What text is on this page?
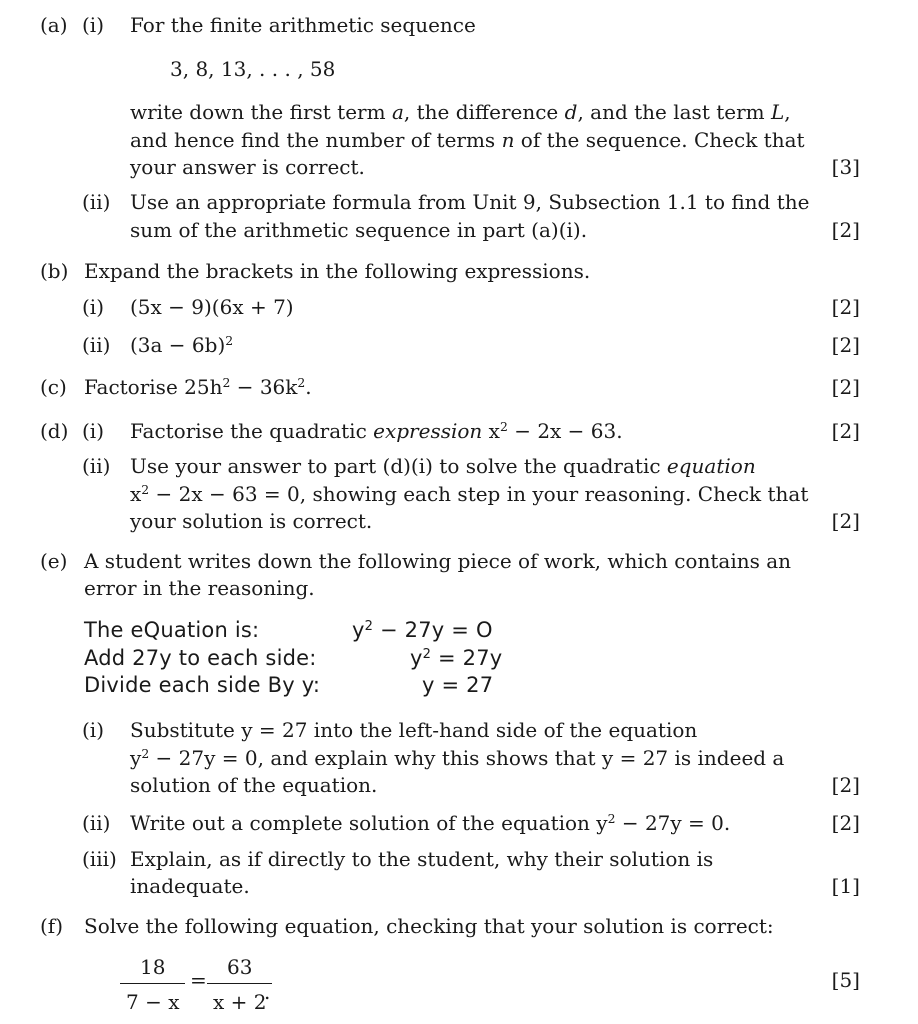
(a) (i) For the finite arithmetic sequence
3, 8, 13, . . . , 58
write down the first term a, the difference d, and the last term L,
and hence find the number of terms n of the sequence. Check that
your answer is correct.	[3]
(ii) Use an appropriate formula from Unit 9, Subsection 1.1 to find the
sum of the arithmetic sequence in part (a)(i).	[2]
(b) Expand the brackets in the following expressions.
(i) (5x − 9)(6x + 7)	[2]
(ii) $(3a - 6b)^2$	[2]
(c) Factorise $25h^2 - 36k^2$.	[2]
(d) (i) Factorise the quadratic expression $x^2 - 2x - 63$.	[2]
(ii) Use your answer to part (d)(i) to solve the quadratic equation
$x^2 - 2x - 63 = 0$, showing each step in your reasoning. Check that
your solution is correct.	[2]
(e) A student writes down the following piece of work, which contains an
error in the reasoning.
The eQuation is:	$y^2 - 27y = O$
Add 27y to each side:	$y^2 = 27y$
Divide each side By y:	y = 27
(i) Substitute y = 27 into the left-hand side of the equation
$y^2 - 27y = 0$, and explain why this shows that y = 27 is indeed a
solution of the equation.	[2]
(ii) Write out a complete solution of the equation $y^2 - 27y = 0$.	[2]
(iii) Explain, as if directly to the student, why their solution is
inadequate.	[1]
(f) Solve the following equation, checking that your solution is correct:
18
7 − x
=
63
x + 2
.	[5]
